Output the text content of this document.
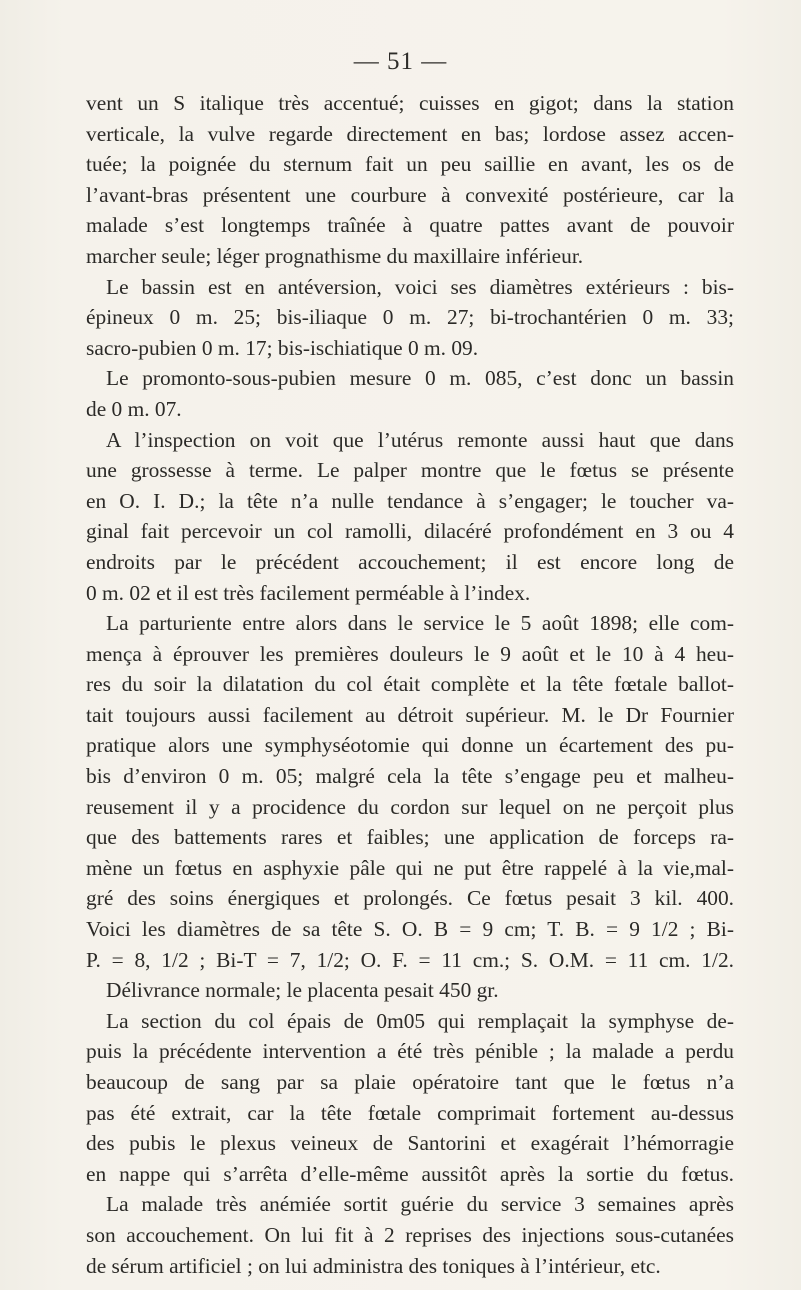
— 51 —
vent un S italique très accentué; cuisses en gigot; dans la station
verticale, la vulve regarde directement en bas; lordose assez accen-
tuée; la poignée du sternum fait un peu saillie en avant, les os de
l’avant-bras présentent une courbure à convexité postérieure, car la
malade s’est longtemps traînée à quatre pattes avant de pouvoir
marcher seule; léger prognathisme du maxillaire inférieur.
Le bassin est en antéversion, voici ses diamètres extérieurs : bis-
épineux 0 m. 25; bis-iliaque 0 m. 27; bi-trochantérien 0 m. 33;
sacro-pubien 0 m. 17; bis-ischiatique 0 m. 09.
Le promonto-sous-pubien mesure 0 m. 085, c’est donc un bassin
de 0 m. 07.
A l’inspection on voit que l’utérus remonte aussi haut que dans
une grossesse à terme. Le palper montre que le fœtus se présente
en O. I. D.; la tête n’a nulle tendance à s’engager; le toucher va-
ginal fait percevoir un col ramolli, dilacéré profondément en 3 ou 4
endroits par le précédent accouchement; il est encore long de
0 m. 02 et il est très facilement perméable à l’index.
La parturiente entre alors dans le service le 5 août 1898; elle com-
mença à éprouver les premières douleurs le 9 août et le 10 à 4 heu-
res du soir la dilatation du col était complète et la tête fœtale ballot-
tait toujours aussi facilement au détroit supérieur. M. le Dr Fournier
pratique alors une symphyséotomie qui donne un écartement des pu-
bis d’environ 0 m. 05; malgré cela la tête s’engage peu et malheu-
reusement il y a procidence du cordon sur lequel on ne perçoit plus
que des battements rares et faibles; une application de forceps ra-
mène un fœtus en asphyxie pâle qui ne put être rappelé à la vie,mal-
gré des soins énergiques et prolongés. Ce fœtus pesait 3 kil. 400.
Voici les diamètres de sa tête S. O. B = 9 cm; T. B. = 9 1/2 ; Bi-
P. = 8, 1/2 ; Bi-T = 7, 1/2; O. F. = 11 cm.; S. O.M. = 11 cm. 1/2.
Délivrance normale; le placenta pesait 450 gr.
La section du col épais de 0m05 qui remplaçait la symphyse de-
puis la précédente intervention a été très pénible ; la malade a perdu
beaucoup de sang par sa plaie opératoire tant que le fœtus n’a
pas été extrait, car la tête fœtale comprimait fortement au-dessus
des pubis le plexus veineux de Santorini et exagérait l’hémorragie
en nappe qui s’arrêta d’elle-même aussitôt après la sortie du fœtus.
La malade très anémiée sortit guérie du service 3 semaines après
son accouchement. On lui fit à 2 reprises des injections sous-cutanées
de sérum artificiel ; on lui administra des toniques à l’intérieur, etc.
